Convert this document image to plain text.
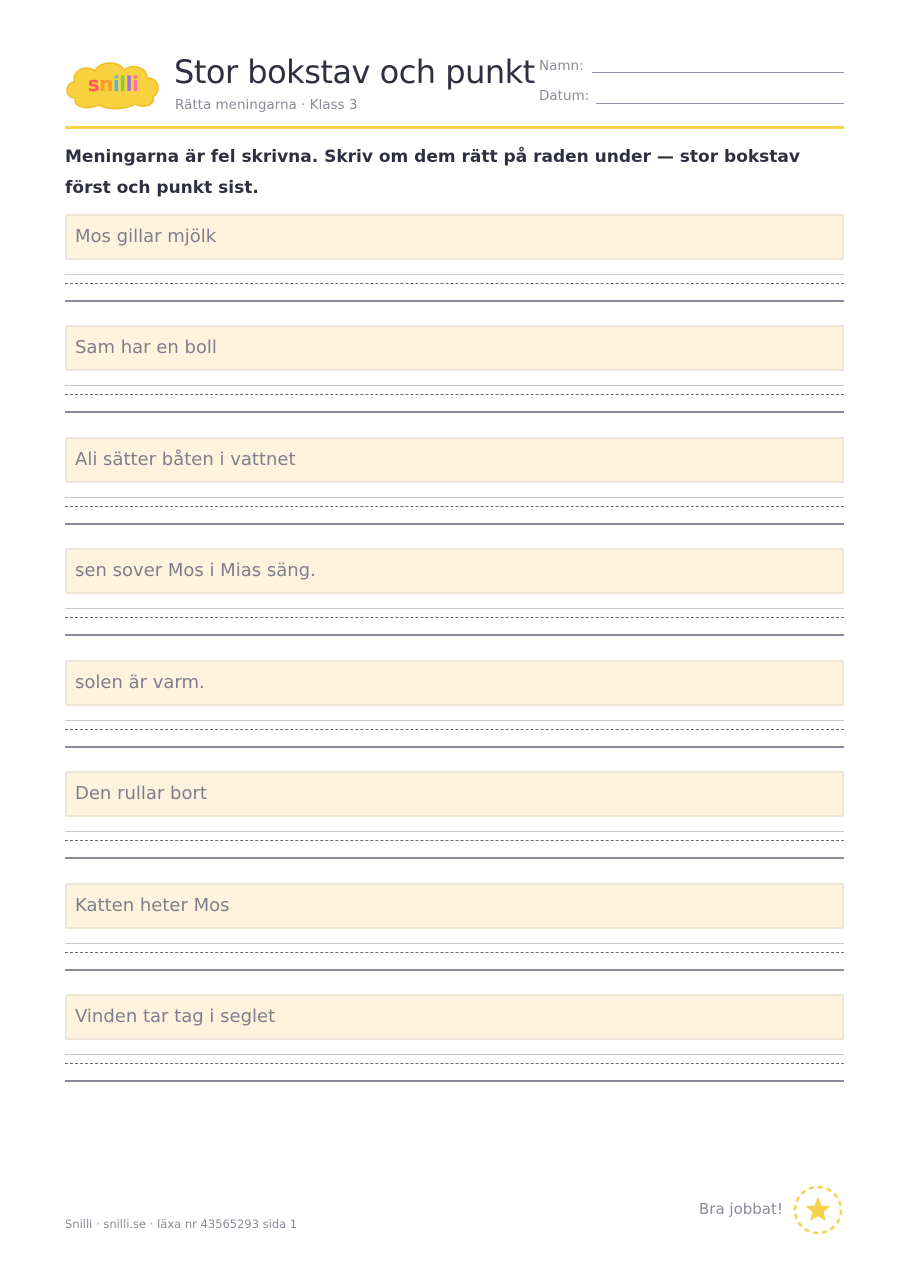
snilli Stor bokstav och punkt
Rätta meningarna · Klass 3
Namn:
Datum:
Meningarna är fel skrivna. Skriv om dem rätt på raden under — stor bokstav först och punkt sist.
Mos gillar mjölk
Sam har en boll
Ali sätter båten i vattnet
sen sover Mos i Mias säng.
solen är varm.
Den rullar bort
Katten heter Mos
Vinden tar tag i seglet
Snilli · snilli.se · läxa nr 43565293 sida 1
Bra jobbat!
